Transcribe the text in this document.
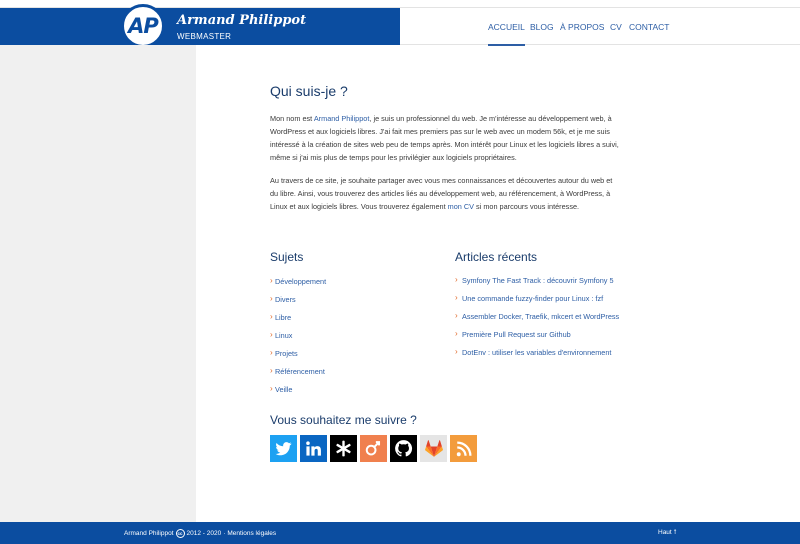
AP Armand Philippot
WEBMASTER
ACCUEIL BLOG À PROPOS CV CONTACT
Qui suis-je ?

Mon nom est Armand Philippot, je suis un professionnel du web. Je m'intéresse au développement web, à WordPress et aux logiciels libres. J'ai fait mes premiers pas sur le web avec un modem 56k, et je me suis intéressé à la création de sites web peu de temps après. Mon intérêt pour Linux et les logiciels libres a suivi, même si j'ai mis plus de temps pour les privilégier aux logiciels propriétaires.

Au travers de ce site, je souhaite partager avec vous mes connaissances et découvertes autour du web et du libre. Ainsi, vous trouverez des articles liés au développement web, au référencement, à WordPress, à Linux et aux logiciels libres. Vous trouverez également mon CV si mon parcours vous intéresse.

Sujets
› Développement
› Divers
› Libre
› Linux
› Projets
› Référencement
› Veille
Articles récents
› Symfony The Fast Track : découvrir Symfony 5
› Une commande fuzzy-finder pour Linux : fzf
› Assembler Docker, Traefik, mkcert et WordPress
› Première Pull Request sur Github
› DotEnv : utiliser les variables d'environnement
Vous souhaitez me suivre ?
Armand Philippot cc 2012 - 2020 · Mentions légales	Haut ⭡
